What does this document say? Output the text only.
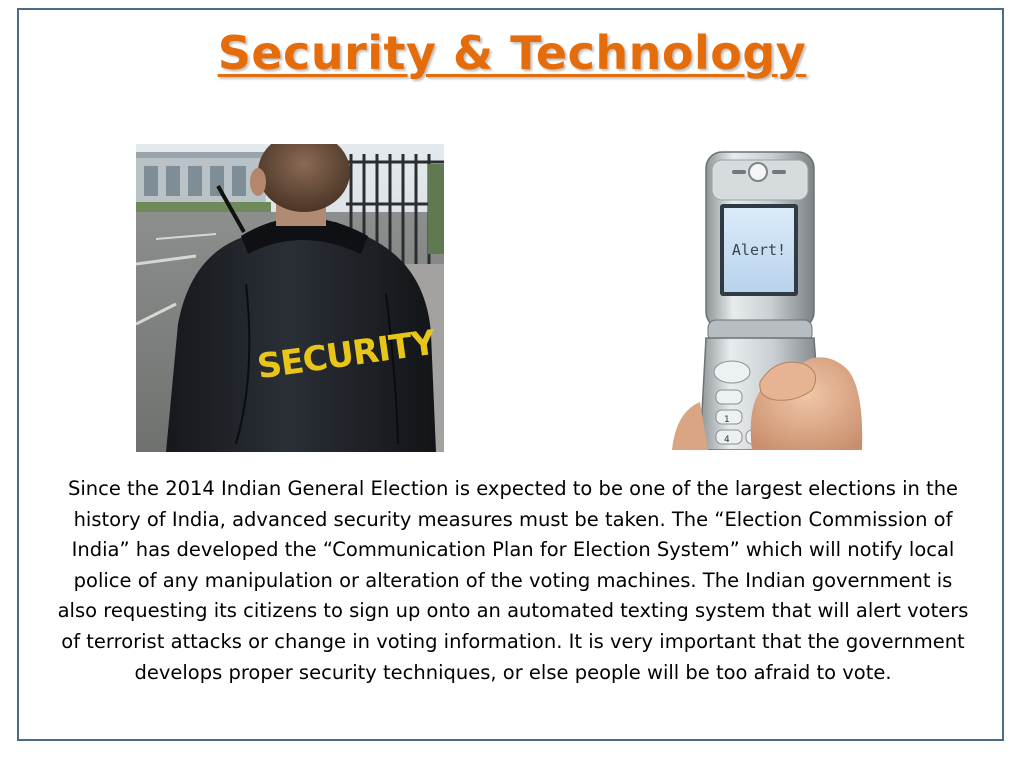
Security & Technology
SECURITY
Alert!
1
4
Since the 2014 Indian General Election is expected to be one of the largest elections in the history of India, advanced security measures must be taken. The “Election Commission of India” has developed the “Communication Plan for Election System” which will notify local police of any manipulation or alteration of the voting machines. The Indian government is also requesting its citizens to sign up onto an automated texting system that will alert voters of terrorist attacks or change in voting information. It is very important that the government develops proper security techniques, or else people will be too afraid to vote.
